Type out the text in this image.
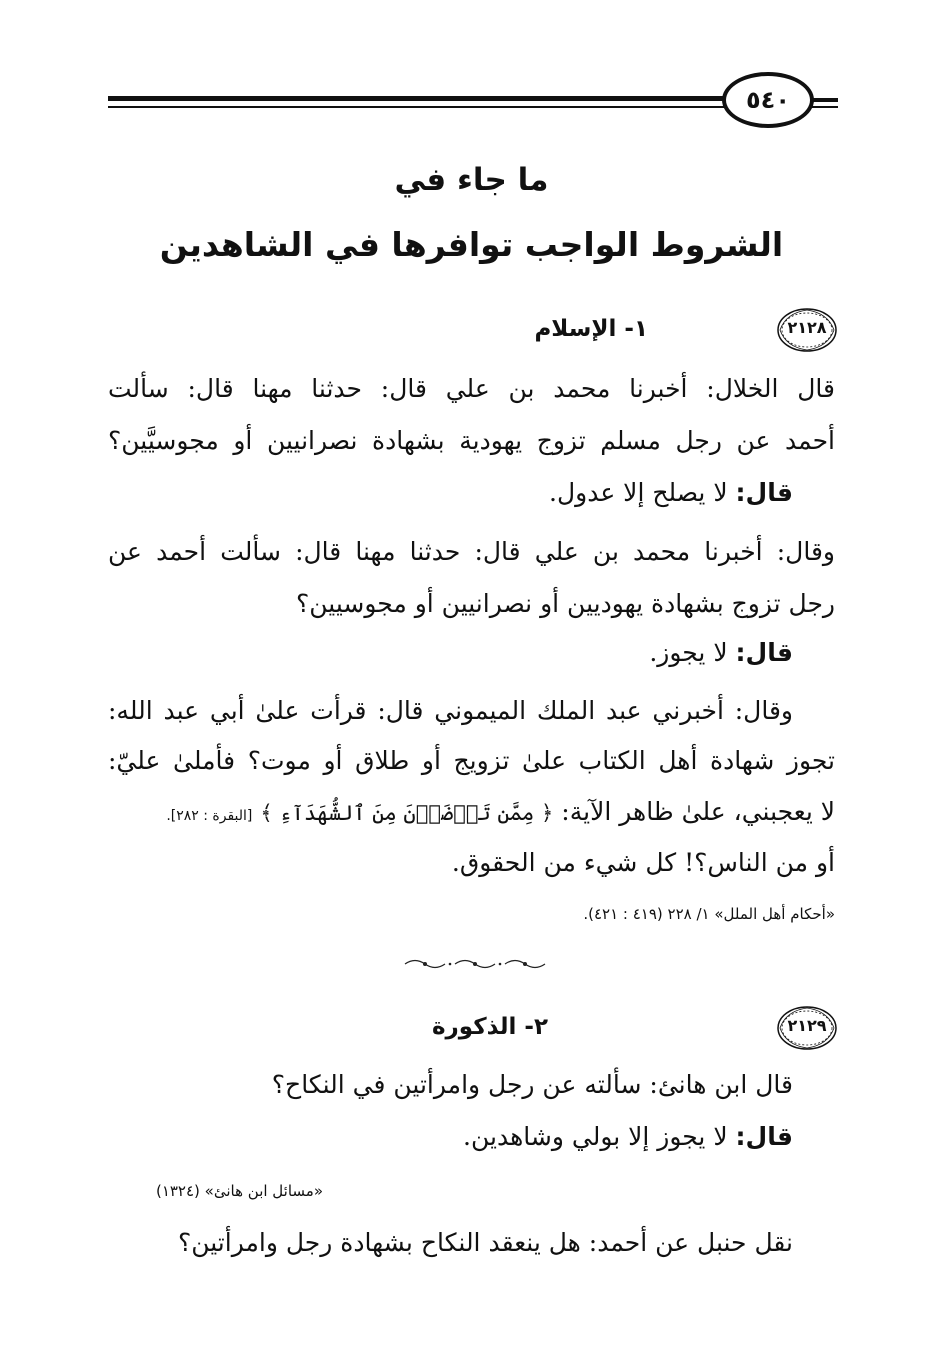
٥٤٠
ما جاء في
الشروط الواجب توافرها في الشاهدين
٢١٢٨
١- الإسلام
قال الخلال: أخبرنا محمد بن علي قال: حدثنا مهنا قال: سألت
أحمد عن رجل مسلم تزوج يهودية بشهادة نصرانيين أو مجوسيَّين؟
قال: لا يصلح إلا عدول.
وقال: أخبرنا محمد بن علي قال: حدثنا مهنا قال: سألت أحمد عن
رجل تزوج بشهادة يهوديين أو نصرانيين أو مجوسيين؟
قال: لا يجوز.
وقال: أخبرني عبد الملك الميموني قال: قرأت علىٰ أبي عبد الله:
تجوز شهادة أهل الكتاب علىٰ تزويج أو طلاق أو موت؟ فأملىٰ عليّ:
لا يعجبني، علىٰ ظاهر الآية: ﴿ مِمَّن تَرۡضَوۡنَ مِنَ ٱلشُّهَدَآءِ ﴾ [البقرة : ٢٨٢].
أو من الناس؟! كل شيء من الحقوق.
«أحكام أهل الملل» ١/ ٢٢٨ (٤١٩ : ٤٢١).
٢١٢٩
٢- الذكورة
قال ابن هانئ: سألته عن رجل وامرأتين في النكاح؟
قال: لا يجوز إلا بولي وشاهدين.
«مسائل ابن هانئ» (١٣٢٤)
نقل حنبل عن أحمد: هل ينعقد النكاح بشهادة رجل وامرأتين؟
